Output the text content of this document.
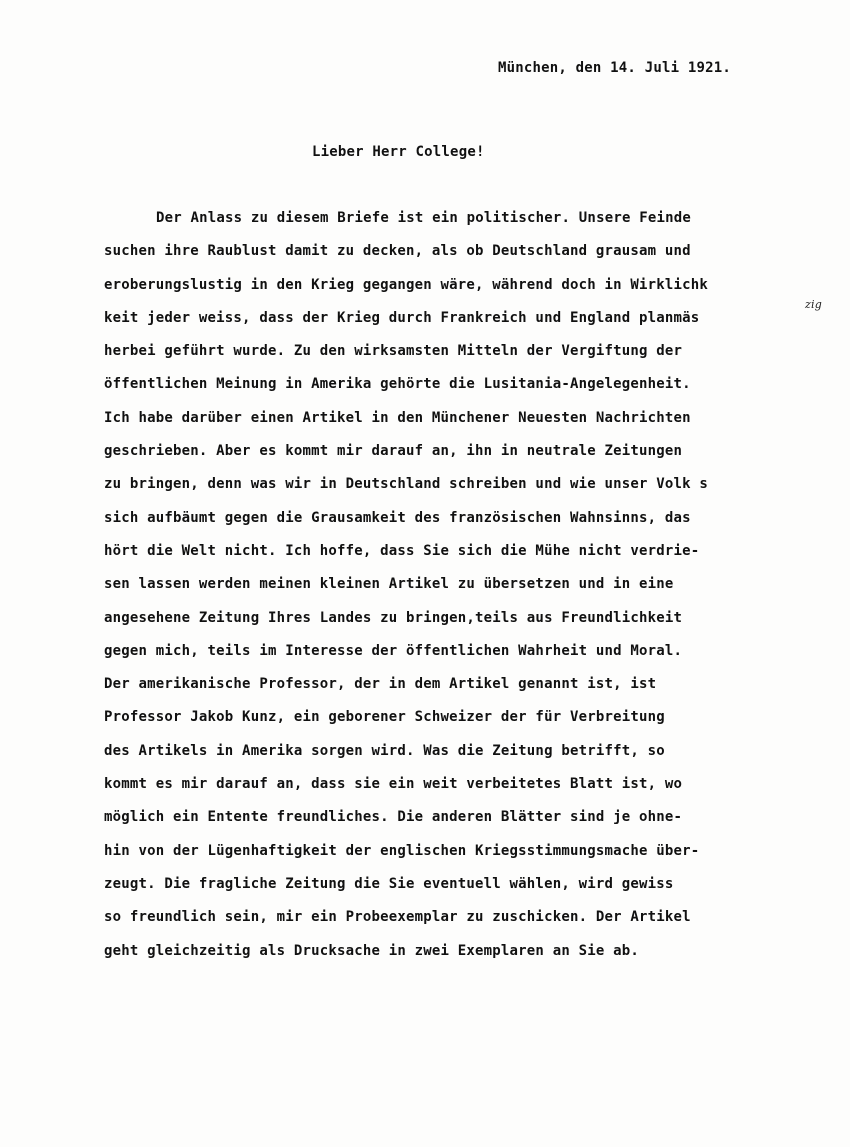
München, den 14. Juli 1921.
Lieber Herr College!
zig
Der Anlass zu diesem Briefe ist ein politischer. Unsere Feinde
suchen ihre Raublust damit zu decken, als ob Deutschland grausam und
eroberungslustig in den Krieg gegangen wäre, während doch in Wirklichk
keit jeder weiss, dass der Krieg durch Frankreich und England planmäs
herbei geführt wurde. Zu den wirksamsten Mitteln der Vergiftung der
öffentlichen Meinung in Amerika gehörte die Lusitania-Angelegenheit.
Ich habe darüber einen Artikel in den Münchener Neuesten Nachrichten
geschrieben. Aber es kommt mir darauf an, ihn in neutrale Zeitungen
zu bringen, denn was wir in Deutschland schreiben und wie unser Volk s
sich aufbäumt gegen die Grausamkeit des französischen Wahnsinns, das
hört die Welt nicht. Ich hoffe, dass Sie sich die Mühe nicht verdrie-
sen lassen werden meinen kleinen Artikel zu übersetzen und in eine
angesehene Zeitung Ihres Landes zu bringen,teils aus Freundlichkeit
gegen mich, teils im Interesse der öffentlichen Wahrheit und Moral.
Der amerikanische Professor, der in dem Artikel genannt ist, ist
Professor Jakob Kunz, ein geborener Schweizer der für Verbreitung
des Artikels in Amerika sorgen wird. Was die Zeitung betrifft, so
kommt es mir darauf an, dass sie ein weit verbeitetes Blatt ist, wo
möglich ein Entente freundliches. Die anderen Blätter sind je ohne-
hin von der Lügenhaftigkeit der englischen Kriegsstimmungsmache über-
zeugt. Die fragliche Zeitung die Sie eventuell wählen, wird gewiss
so freundlich sein, mir ein Probeexemplar zu zuschicken. Der Artikel
geht gleichzeitig als Drucksache in zwei Exemplaren an Sie ab.
